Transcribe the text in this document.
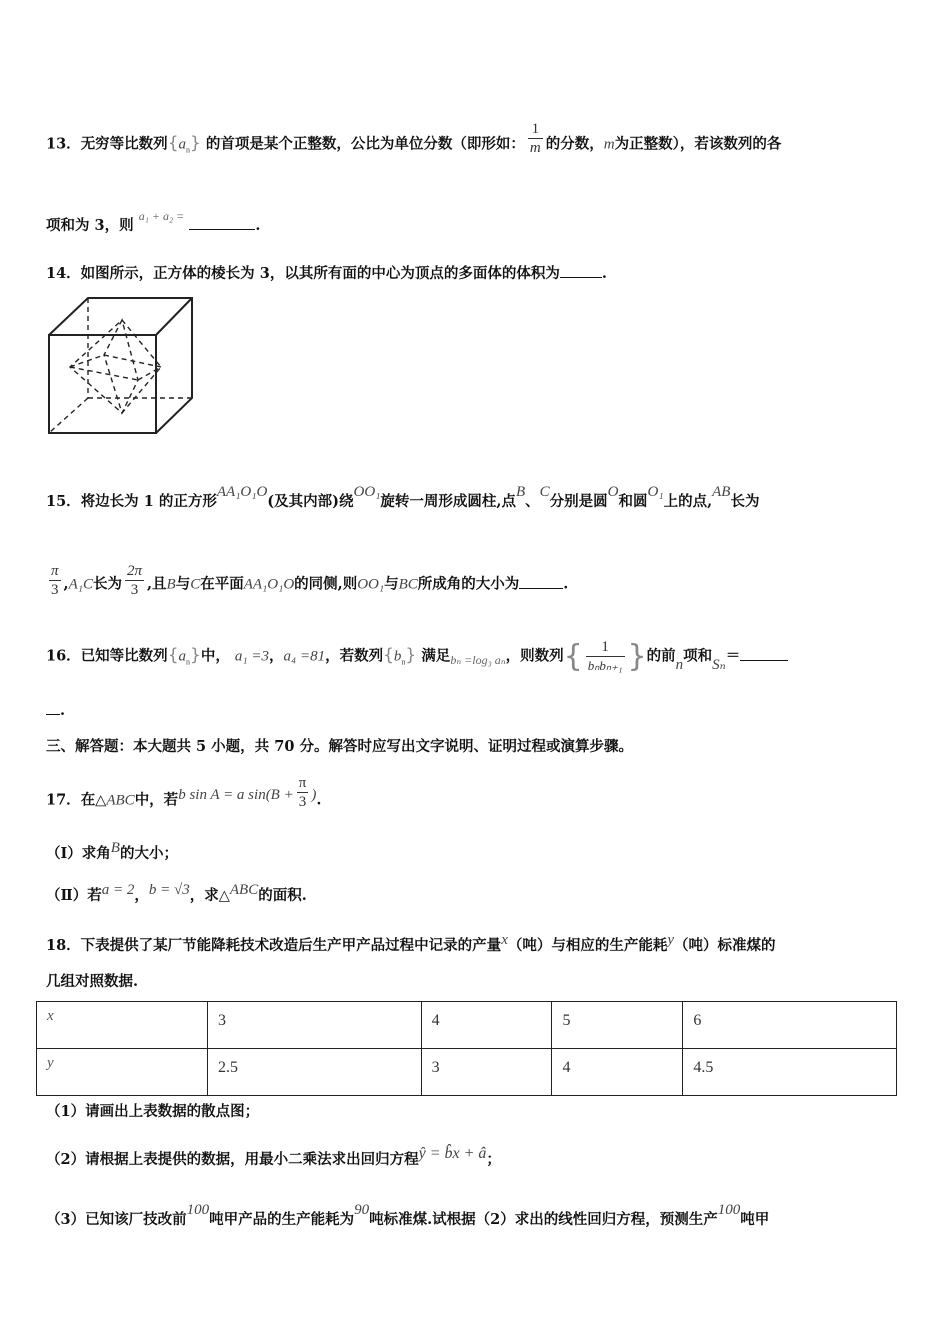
13．无穷等比数列$\{a_n\}$ 的首项是某个正整数，公比为单位分数（即形如： $\frac{1}{m}$ 的分数，m为正整数），若该数列的各
项和为 3，则 $^{a_1 + a_2 =}$ .
14．如图所示，正方体的棱长为 3，以其所有面的中心为顶点的多面体的体积为	.
15．将边长为 1 的正方形AA₁O₁O(及其内部)绕OO₁旋转一周形成圆柱,点B、C分别是圆O和圆O₁上的点,AB长为
$\frac{\pi}{3} ,A_1C$长为 $\frac{2\pi}{3}$ ,且B与C在平面AA₁O₁O的同侧,则OO₁与BC所成角的大小为	.
16．已知等比数列$\{a_n\}$中， a₁ =3，a₄ =81，若数列$\{b_n\}$ 满足$_{b_n =log_3 a_n}$，则数列{ $\frac{1}{\text{bₙbₙ₊₁}}$ }的前n项和Sₙ＝
.
三、解答题：本大题共 5 小题，共 70 分。解答时应写出文字说明、证明过程或演算步骤。
17．在△ABC中，若b sin A = a $\sin(B + \frac{\pi}{3}$ ).
（Ⅰ）求角B的大小；
（Ⅱ）若a = 2，b = √3，求△ABC的面积.
18．下表提供了某厂节能降耗技术改造后生产甲产品过程中记录的产量x（吨）与相应的生产能耗y（吨）标准煤的
几组对照数据.
x	3	4	5	6

y	2.5	3	4	4.5
（1）请画出上表数据的散点图；
（2）请根据上表提供的数据，用最小二乘法求出回归方程ŷ = b̂x + â；
（3）已知该厂技改前100吨甲产品的生产能耗为90吨标准煤.试根据（2）求出的线性回归方程，预测生产100吨甲
